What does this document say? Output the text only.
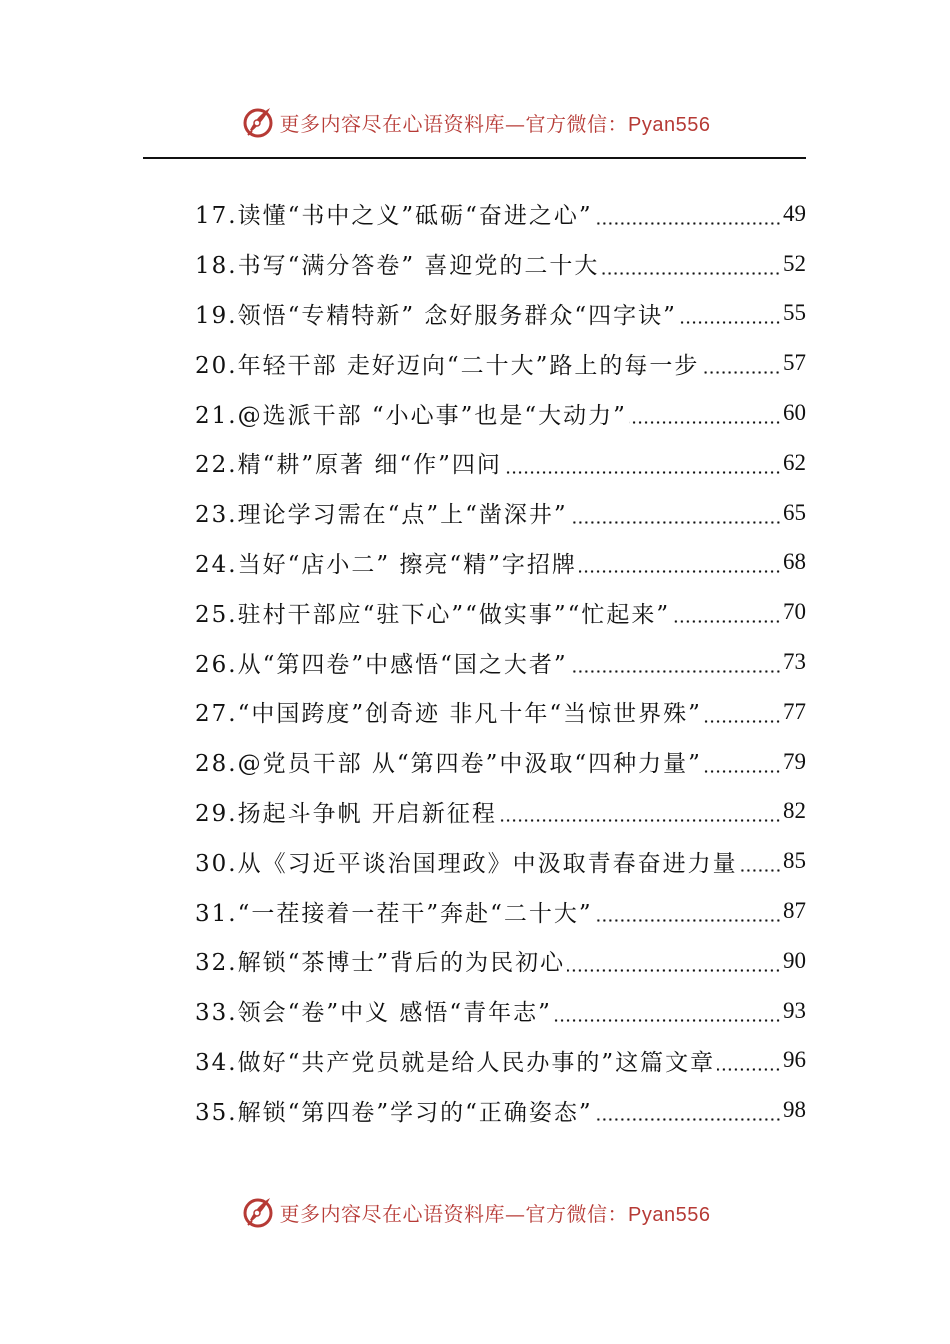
更多内容尽在心语资料库—官方微信：Pyan556
17.读懂“书中之义”砥砺“奋进之心”	49
18.书写“满分答卷” 喜迎党的二十大	52
19.领悟“专精特新” 念好服务群众“四字诀”	55
20.年轻干部 走好迈向“二十大”路上的每一步	57
21.@选派干部 “小心事”也是“大动力”	60
22.精“耕”原著 细“作”四问	62
23.理论学习需在“点”上“凿深井”	65
24.当好“店小二” 擦亮“精”字招牌	68
25.驻村干部应“驻下心”“做实事”“忙起来”	70
26.从“第四卷”中感悟“国之大者”	73
27.“中国跨度”创奇迹 非凡十年“当惊世界殊”	77
28.@党员干部 从“第四卷”中汲取“四种力量”	79
29.扬起斗争帆 开启新征程	82
30.从《习近平谈治国理政》中汲取青春奋进力量 85
31.“一茬接着一茬干”奔赴“二十大”	87
32.解锁“茶博士”背后的为民初心	90
33.领会“卷”中义 感悟“青年志”	93
34.做好“共产党员就是给人民办事的”这篇文章	96
35.解锁“第四卷”学习的“正确姿态”	98
更多内容尽在心语资料库—官方微信：Pyan556
